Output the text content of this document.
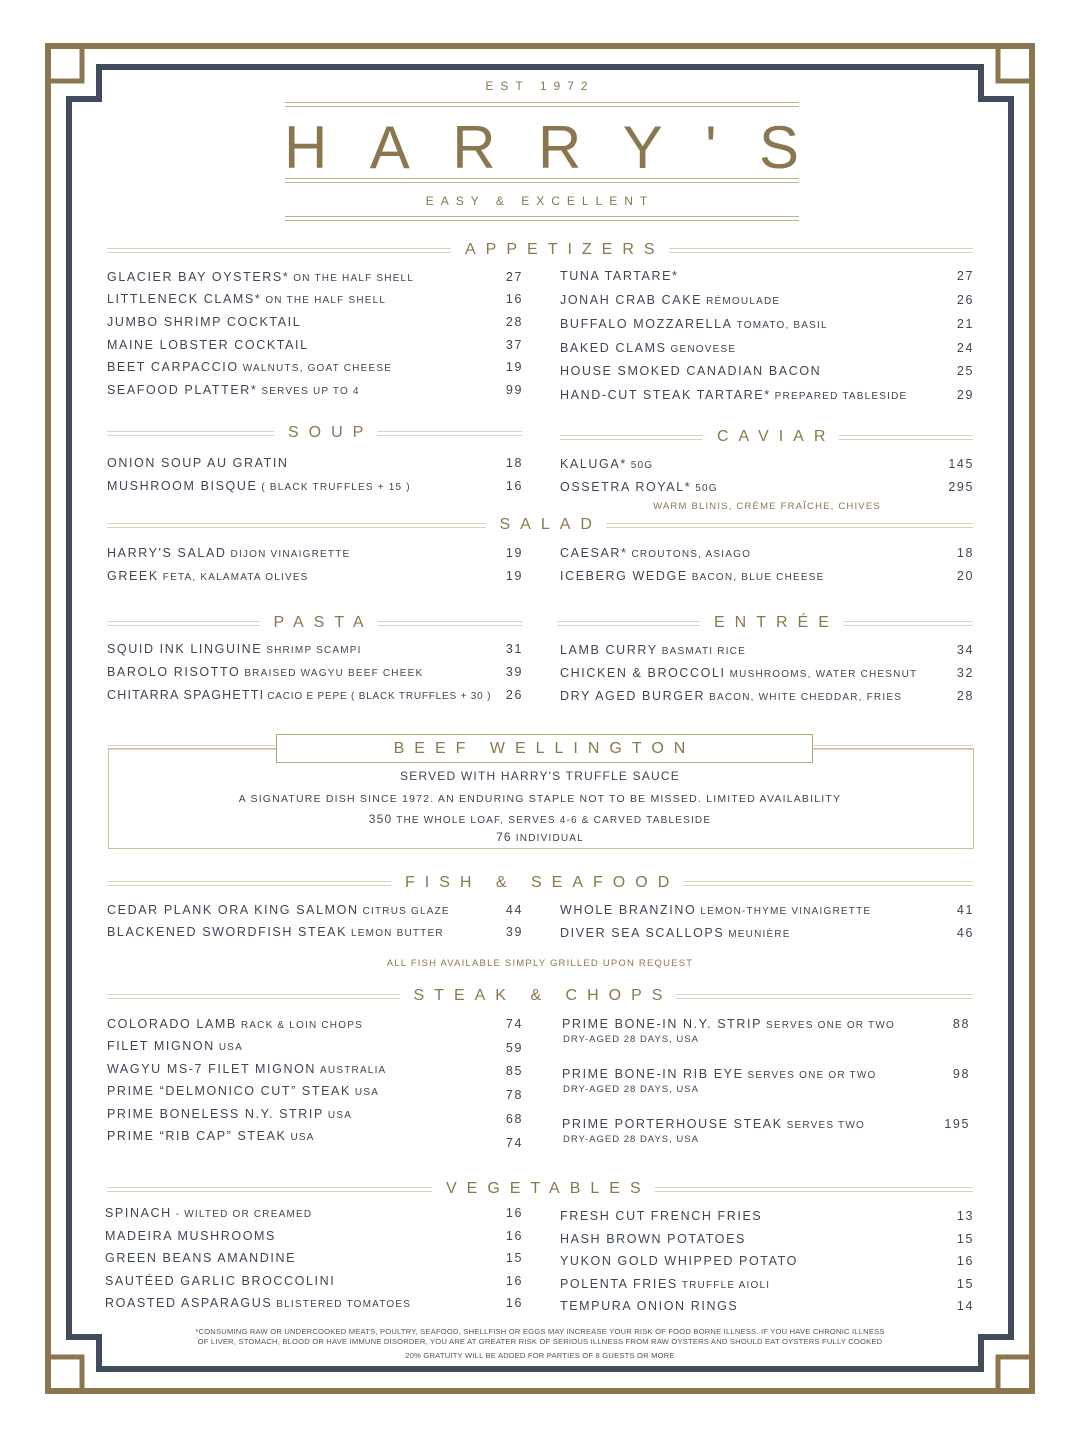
EST 1972
HARRY'S
EASY & EXCELLENT
APPETIZERS
SOUP	CAVIAR
SALAD
PASTA	ENTRÉE
FISH & SEAFOOD
STEAK & CHOPS
VEGETABLES
GLACIER BAY OYSTERS* ON THE HALF SHELL	27
LITTLENECK CLAMS* ON THE HALF SHELL	16
JUMBO SHRIMP COCKTAIL	28
MAINE LOBSTER COCKTAIL	37
BEET CARPACCIO WALNUTS, GOAT CHEESE	19
SEAFOOD PLATTER* SERVES UP TO 4	99
TUNA TARTARE*	27
JONAH CRAB CAKE RÉMOULADE	26
BUFFALO MOZZARELLA TOMATO, BASIL	21
BAKED CLAMS GENOVESE	24
HOUSE SMOKED CANADIAN BACON	25
HAND-CUT STEAK TARTARE* PREPARED TABLESIDE	29
ONION SOUP AU GRATIN	18
MUSHROOM BISQUE ( BLACK TRUFFLES + 15 )	16
KALUGA* 50G	145
OSSETRA ROYAL* 50G	295
HARRY'S SALAD DIJON VINAIGRETTE	19
GREEK FETA, KALAMATA OLIVES	19
CAESAR* CROUTONS, ASIAGO	18
ICEBERG WEDGE BACON, BLUE CHEESE	20
SQUID INK LINGUINE SHRIMP SCAMPI	31
BAROLO RISOTTO BRAISED WAGYU BEEF CHEEK	39
CHITARRA SPAGHETTI CACIO E PEPE ( BLACK TRUFFLES + 30 ) 26
LAMB CURRY BASMATI RICE	34
CHICKEN & BROCCOLI MUSHROOMS, WATER CHESNUT	32
DRY AGED BURGER BACON, WHITE CHEDDAR, FRIES	28
CEDAR PLANK ORA KING SALMON CITRUS GLAZE	44
BLACKENED SWORDFISH STEAK LEMON BUTTER	39
WHOLE BRANZINO LEMON-THYME VINAIGRETTE	41
DIVER SEA SCALLOPS MEUNIÈRE	46
COLORADO LAMB RACK & LOIN CHOPS	74
FILET MIGNON USA	59
WAGYU MS-7 FILET MIGNON AUSTRALIA	85
PRIME “DELMONICO CUT” STEAK USA	78
PRIME BONELESS N.Y. STRIP USA	68
PRIME “RIB CAP” STEAK USA	74
PRIME BONE-IN N.Y. STRIP SERVES ONE OR TWO	88
DRY-AGED 28 DAYS, USA
PRIME BONE-IN RIB EYE SERVES ONE OR TWO	98
DRY-AGED 28 DAYS, USA
PRIME PORTERHOUSE STEAK SERVES TWO	195
DRY-AGED 28 DAYS, USA
SPINACH - WILTED OR CREAMED	16
MADEIRA MUSHROOMS	16
GREEN BEANS AMANDINE	15
SAUTÉED GARLIC BROCCOLINI	16
ROASTED ASPARAGUS BLISTERED TOMATOES	16
FRESH CUT FRENCH FRIES	13
HASH BROWN POTATOES	15
YUKON GOLD WHIPPED POTATO	16
POLENTA FRIES TRUFFLE AIOLI	15
TEMPURA ONION RINGS	14
WARM BLINIS, CRÈME FRAÎCHE, CHIVES
ALL FISH AVAILABLE SIMPLY GRILLED UPON REQUEST
BEEF WELLINGTON
SERVED WITH HARRY'S TRUFFLE SAUCE
A SIGNATURE DISH SINCE 1972. AN ENDURING STAPLE NOT TO BE MISSED. LIMITED AVAILABILITY
350 THE WHOLE LOAF, SERVES 4-6 & CARVED TABLESIDE
76 INDIVIDUAL
*CONSUMING RAW OR UNDERCOOKED MEATS, POULTRY, SEAFOOD, SHELLFISH OR EGGS MAY INCREASE YOUR RISK OF FOOD BORNE ILLNESS. IF YOU HAVE CHRONIC ILLNESS
OF LIVER, STOMACH, BLOOD OR HAVE IMMUNE DISORDER, YOU ARE AT GREATER RISK OF SERIOUS ILLNESS FROM RAW OYSTERS AND SHOULD EAT OYSTERS FULLY COOKED
20% GRATUITY WILL BE ADDED FOR PARTIES OF 8 GUESTS OR MORE
